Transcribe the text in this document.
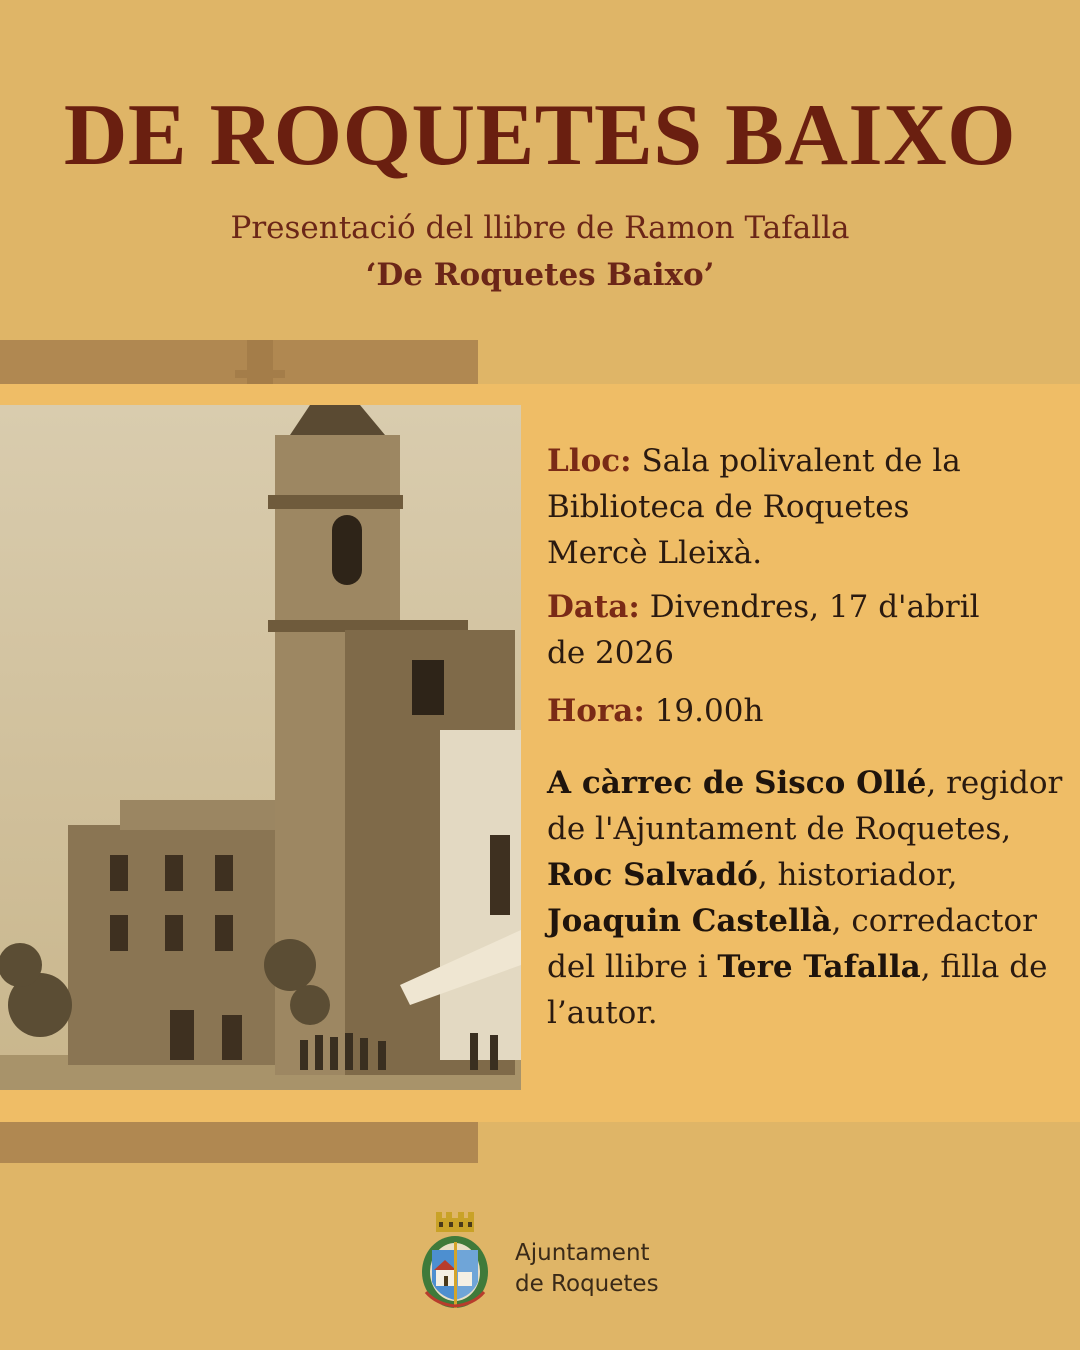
DE ROQUETES BAIXO
Presentació del llibre de Ramon Tafalla
‘De Roquetes Baixo’

Lloc: Sala polivalent de la

Biblioteca de Roquetes

Mercè Lleixà.

Data: Divendres, 17 d'abril

de 2026

Hora: 19.00h

A càrrec de Sisco Ollé, regidor

de l'Ajuntament de Roquetes,

Roc Salvadó, historiador,

Joaquin Castellà, corredactor

del llibre i Tere Tafalla, filla de

l’autor.

Ajuntament
de Roquetes
